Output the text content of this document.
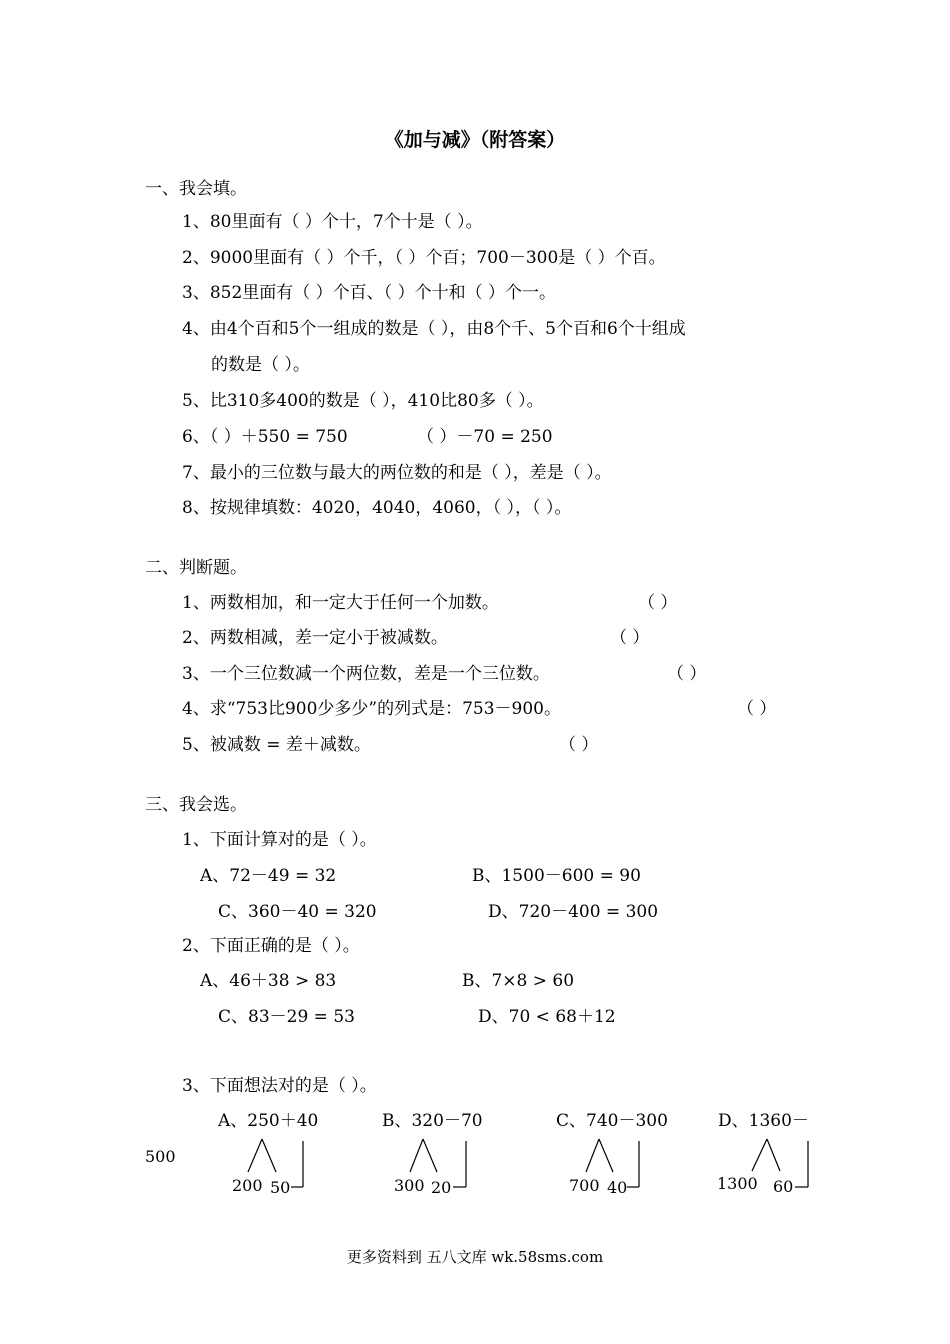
《加与减》（附答案）
一、我会填。
1、80里面有（ ）个十，7个十是（ ）。
2、9000里面有（ ）个千，（ ）个百；700－300是（ ）个百。
3、852里面有（ ）个百、（ ）个十和（ ）个一。
4、由4个百和5个一组成的数是（ ），由8个千、5个百和6个十组成
的数是（ ）。
5、比310多400的数是（ ），410比80多（ ）。
6、（ ）＋550 = 750	（ ）－70 = 250
7、最小的三位数与最大的两位数的和是（ ），差是（ ）。
8、按规律填数：4020，4040，4060，（ ），（ ）。
二、判断题。
1、两数相加，和一定大于任何一个加数。	（ ）
2、两数相减，差一定小于被减数。	（ ）
3、一个三位数减一个两位数，差是一个三位数。	（ ）
4、求“753比900少多少”的列式是：753－900。	（ ）
5、被减数 = 差＋减数。	（ ）
三、我会选。
1、下面计算对的是（ ）。
A、72－49 = 32	B、1500－600 = 90
C、360－40 = 320	D、720－400 = 300
2、下面正确的是（ ）。
A、46＋38 > 83	B、7×8 > 60
C、83－29 = 53	D、70 < 68＋12
3、下面想法对的是（ ）。
A、250＋40	B、320－70	C、740－300	D、1360－
500
200 50	300 20	700 40	1300 60
更多资料到 五八文库 wk.58sms.com
